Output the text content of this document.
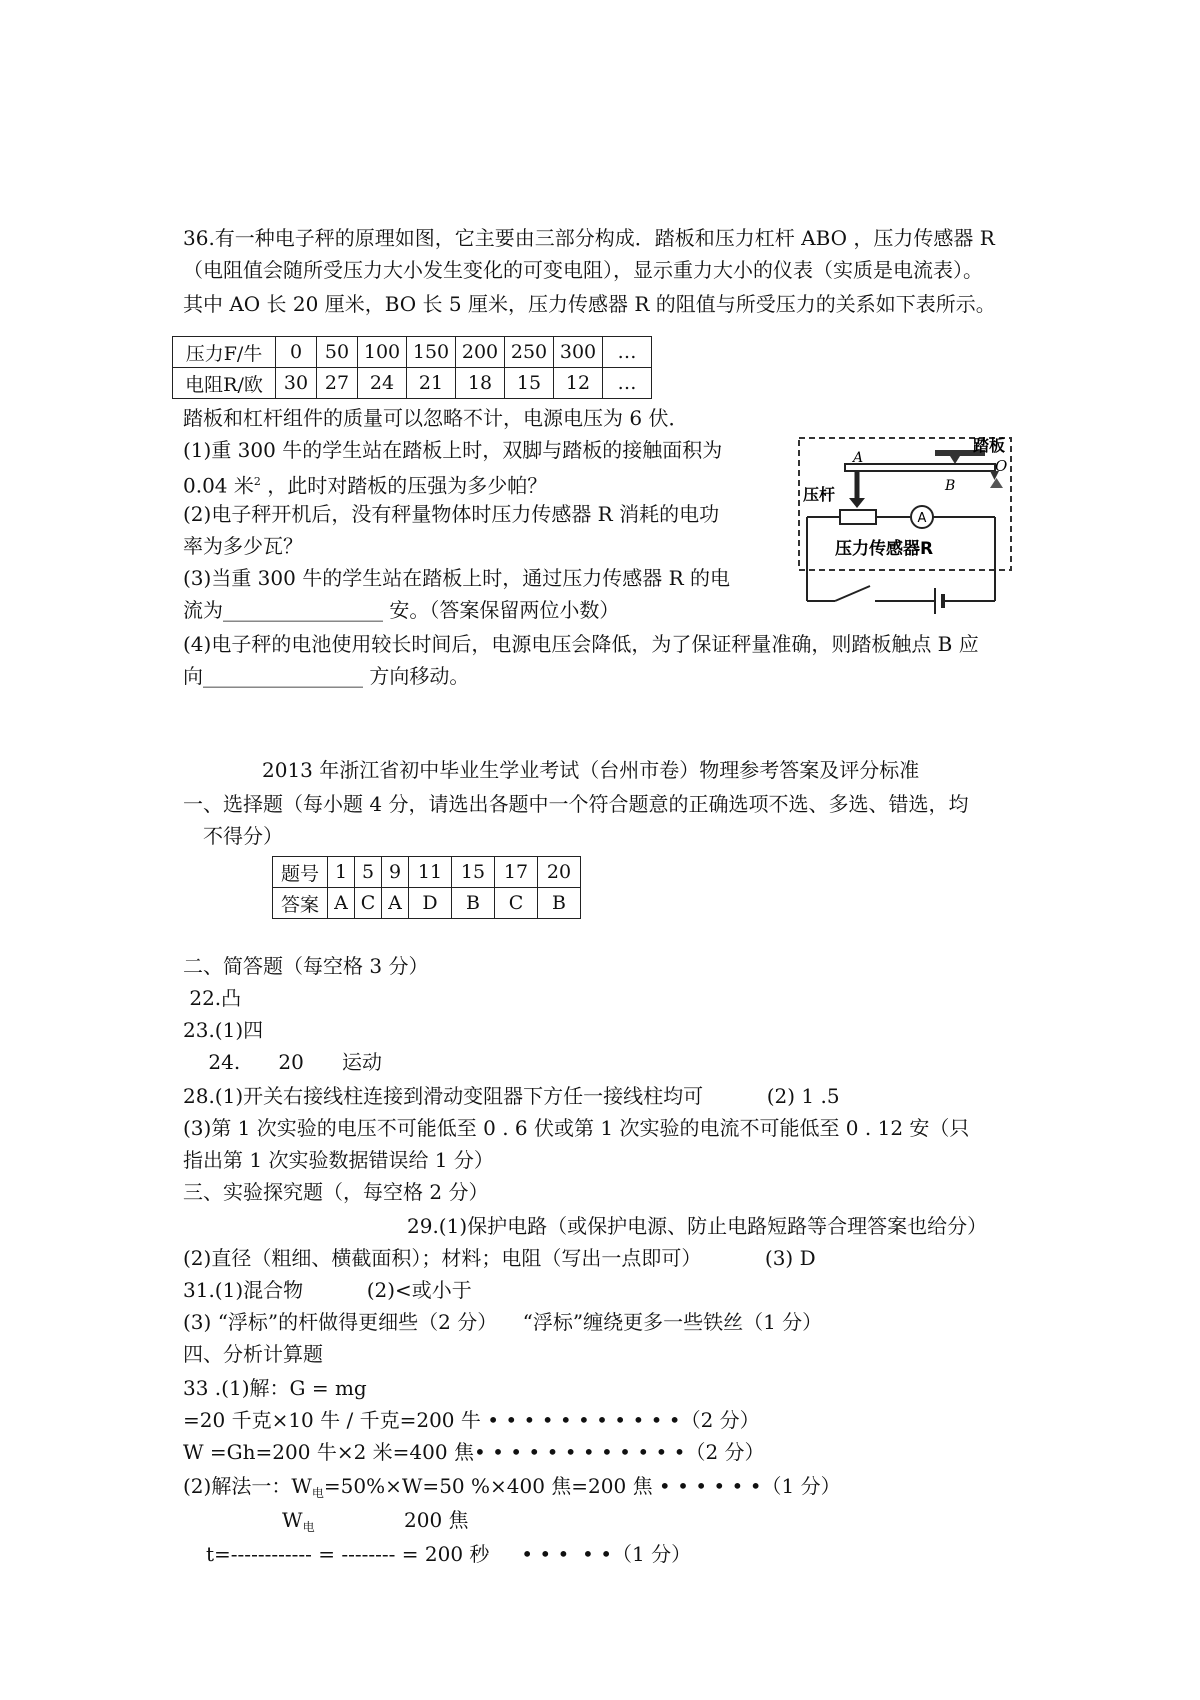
36.有一种电子秤的原理如图，它主要由三部分构成．踏板和压力杠杆 ABO ，压力传感器 R
（电阻值会随所受压力大小发生变化的可变电阻），显示重力大小的仪表（实质是电流表）。
其中 AO 长 20 厘米，BO 长 5 厘米，压力传感器 R 的阻值与所受压力的关系如下表所示。
压力F/牛	0	50	100	150	200	250	300	…
电阻R/欧	30	27	24	21	18	15	12	…
踏板和杠杆组件的质量可以忽略不计，电源电压为 6 伏．
(1)重 300 牛的学生站在踏板上时，双脚与踏板的接触面积为
0.04 米$^2$ ，此时对踏板的压强为多少帕？
(2)电子秤开机后，没有秤量物体时压力传感器 R 消耗的电功
率为多少瓦？
(3)当重 300 牛的学生站在踏板上时，通过压力传感器 R 的电
流为________________ 安。（答案保留两位小数）
(4)电子秤的电池使用较长时间后，电源电压会降低，为了保证秤量准确，则踏板触点 B 应
向________________ 方向移动。
A
踏板
O
A
B
压杆
压力传感器R
2013 年浙江省初中毕业生学业考试（台州市卷）物理参考答案及评分标准
一、选择题（每小题 4 分，请选出各题中一个符合题意的正确选项不选、多选、错选，均
不得分）
题号	1	5	9	11	15	17	20
答案	A	C	A	D	B	C	B
二、简答题（每空格 3 分）
22.凸
23.(1)四
24.      20      运动
28.(1)开关右接线柱连接到滑动变阻器下方任一接线柱均可          (2) 1 .5
(3)第 1 次实验的电压不可能低至 0 . 6 伏或第 1 次实验的电流不可能低至 0 . 12 安（只
指出第 1 次实验数据错误给 1 分）
三、实验探究题（，每空格 2 分）
29.(1)保护电路（或保护电源、防止电路短路等合理答案也给分）
(2)直径（粗细、横截面积）；材料；电阻（写出一点即可）          (3) D
31.(1)混合物          (2)<或小于
(3) “浮标”的杆做得更细些（2 分）    “浮标”缠绕更多一些铁丝（1 分）
四、分析计算题
33 .(1)解：G = mg
=20 千克×10 牛 / 千克=200 牛 • • • • • • • • • • •（2 分）
W =Gh=200 牛×2 米=400 焦• • • • • • • • • • • •（2 分）
(2)解法一：$W_电=50\%\times W=50$ %×400 焦=200 焦 • • • • • •（1 分）
$W_电$	200 焦
t=------------ = -------- = 200 秒     • • •  • •（1 分）
